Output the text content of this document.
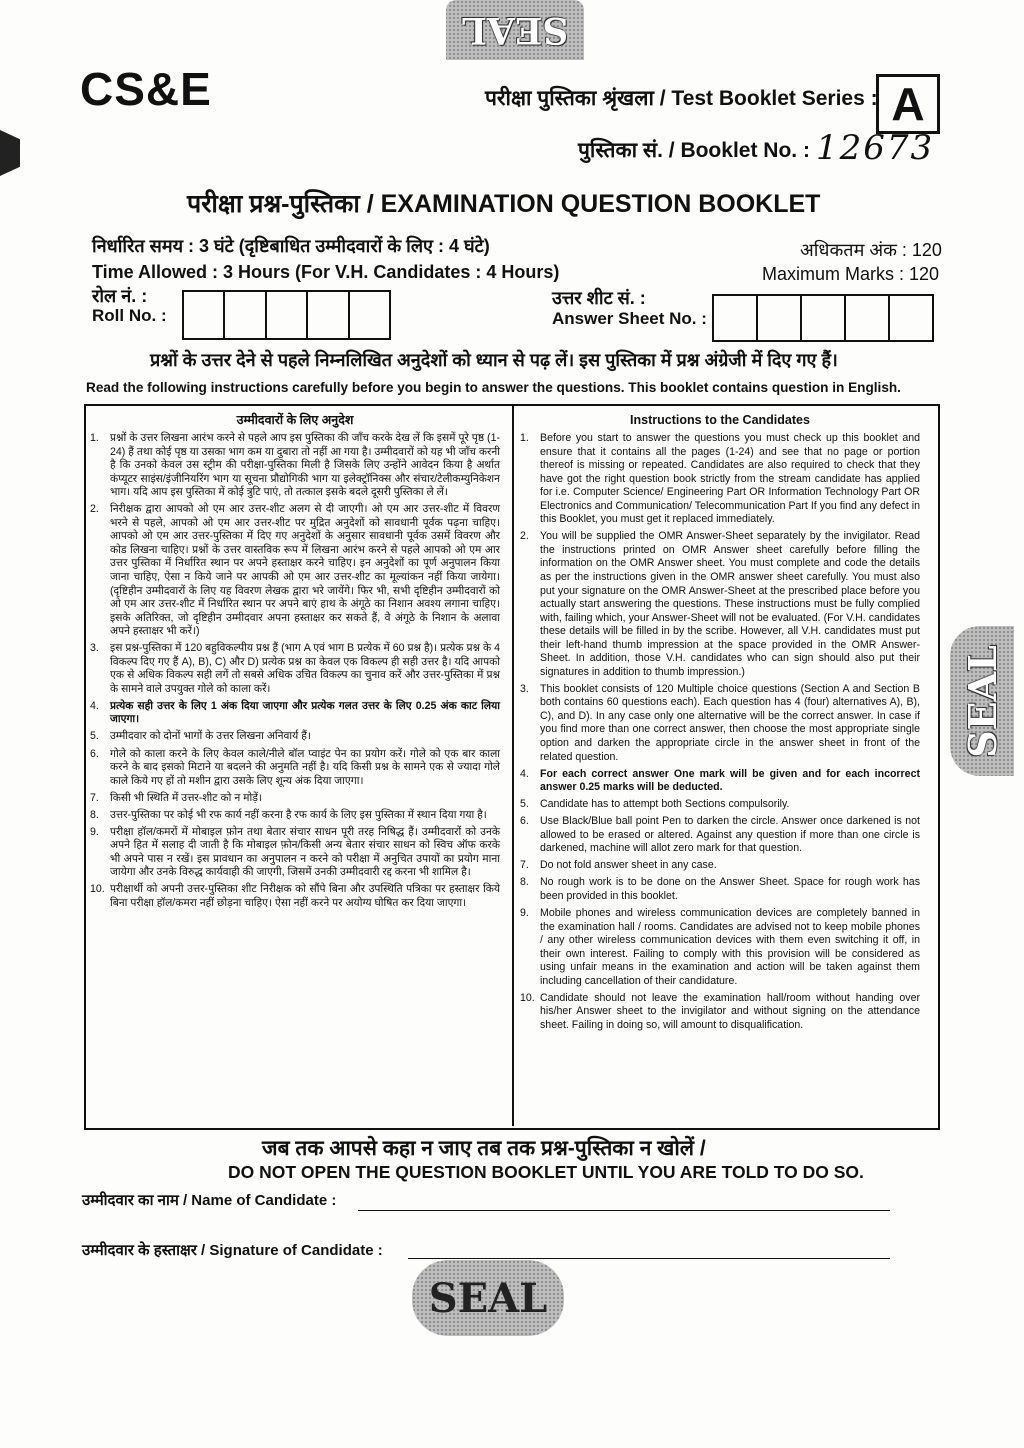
SEAL
CS&E	परीक्षा पुस्तिका श्रृंखला / Test Booklet Series : A
पुस्तिका सं. / Booklet No. : 12673
परीक्षा प्रश्न-पुस्तिका / EXAMINATION QUESTION BOOKLET
निर्धारित समय : 3 घंटे (दृष्टिबाधित उम्मीदवारों के लिए : 4 घंटे)
Time Allowed : 3 Hours (For V.H. Candidates : 4 Hours)
अधिकतम अंक : 120
Maximum Marks : 120
रोल नं. :
Roll No. :
उत्तर शीट सं. :
Answer Sheet No. :
प्रश्नों के उत्तर देने से पहले निम्नलिखित अनुदेशों को ध्यान से पढ़ लें। इस पुस्तिका में प्रश्न अंग्रेजी में दिए गए हैं।
Read the following instructions carefully before you begin to answer the questions. This booklet contains question in English.
उम्मीदवारों के लिए अनुदेश
1.	प्रश्नों के उत्तर लिखना आरंभ करने से पहले आप इस पुस्तिका की जाँच करके देख लें कि इसमें पूरे पृष्ठ (1-24) हैं तथा कोई पृष्ठ या उसका भाग कम या दुबारा तो नहीं आ गया है। उम्मीदवारों को यह भी जाँच करनी है कि उनको केवल उस स्ट्रीम की परीक्षा-पुस्तिका मिली है जिसके लिए उन्होंने आवेदन किया है अर्थात कंप्यूटर साइंस/इंजीनियरिंग भाग या सूचना प्रौद्योगिकी भाग या इलेक्ट्रॉनिक्स और संचार/टेलीकम्युनिकेशन भाग। यदि आप इस पुस्तिका में कोई त्रुटि पाएं, तो तत्काल इसके बदले दूसरी पुस्तिका ले लें।
2.	निरीक्षक द्वारा आपको ओ एम आर उत्तर-शीट अलग से दी जाएगी। ओ एम आर उत्तर-शीट में विवरण भरने से पहले, आपको ओ एम आर उत्तर-शीट पर मुद्रित अनुदेशों को सावधानी पूर्वक पढ़ना चाहिए। आपको ओ एम आर उत्तर-पुस्तिका में दिए गए अनुदेशों के अनुसार सावधानी पूर्वक उसमें विवरण और कोड लिखना चाहिए। प्रश्नों के उत्तर वास्तविक रूप में लिखना आरंभ करने से पहले आपको ओ एम आर उत्तर पुस्तिका में निर्धारित स्थान पर अपने हस्ताक्षर करने चाहिए। इन अनुदेशों का पूर्ण अनुपालन किया जाना चाहिए, ऐसा न किये जाने पर आपकी ओ एम आर उत्तर-शीट का मूल्यांकन नहीं किया जायेगा। (दृष्टिहीन उम्मीदवारों के लिए यह विवरण लेखक द्वारा भरे जायेंगे। फिर भी, सभी दृष्टिहीन उम्मीदवारों को ओ एम आर उत्तर-शीट में निर्धारित स्थान पर अपने बाएं हाथ के अंगूठे का निशान अवश्य लगाना चाहिए। इसके अतिरिक्त, जो दृष्टिहीन उम्मीदवार अपना हस्ताक्षर कर सकते हैं, वे अंगूठे के निशान के अलावा अपने हस्ताक्षर भी करें।)
3.	इस प्रश्न-पुस्तिका में 120 बहुविकल्पीय प्रश्न हैं (भाग A एवं भाग B प्रत्येक में 60 प्रश्न है)। प्रत्येक प्रश्न के 4 विकल्प दिए गए हैं A), B), C) और D) प्रत्येक प्रश्न का केवल एक विकल्प ही सही उत्तर है। यदि आपको एक से अधिक विकल्प सही लगें तो सबसे अधिक उचित विकल्प का चुनाव करें और उत्तर-पुस्तिका में प्रश्न के सामने वाले उपयुक्त गोले को काला करें।
4.	प्रत्येक सही उत्तर के लिए 1 अंक दिया जाएगा और प्रत्येक गलत उत्तर के लिए 0.25 अंक काट लिया जाएगा।
5.	उम्मीदवार को दोनों भागों के उत्तर लिखना अनिवार्य हैं।
6.	गोले को काला करने के लिए केवल काले/नीले बॉल प्वाइंट पेन का प्रयोग करें। गोले को एक बार काला करने के बाद इसको मिटाने या बदलने की अनुमति नहीं है। यदि किसी प्रश्न के सामने एक से ज्यादा गोले काले किये गए हों तो मशीन द्वारा उसके लिए शून्य अंक दिया जाएगा।
7.	किसी भी स्थिति में उत्तर-शीट को न मोड़ें।
8.	उत्तर-पुस्तिका पर कोई भी रफ कार्य नहीं करना है रफ कार्य के लिए इस पुस्तिका में स्थान दिया गया है।
9.	परीक्षा हॉल/कमरों में मोबाइल फ़ोन तथा बेतार संचार साधन पूरी तरह निषिद्ध हैं। उम्मीदवारों को उनके अपने हित में सलाह दी जाती है कि मोबाइल फ़ोन/किसी अन्य बेतार संचार साधन को स्विच ऑफ करके भी अपने पास न रखें। इस प्रावधान का अनुपालन न करने को परीक्षा में अनुचित उपायों का प्रयोग माना जायेगा और उनके विरुद्ध कार्यवाही की जाएगी, जिसमें उनकी उम्मीदवारी रद्द करना भी शामिल है।
10. परीक्षार्थी को अपनी उत्तर-पुस्तिका शीट निरीक्षक को सौंपे बिना और उपस्थिति पत्रिका पर हस्ताक्षर किये बिना परीक्षा हॉल/कमरा नहीं छोड़ना चाहिए। ऐसा नहीं करने पर अयोग्य घोषित कर दिया जाएगा।
Instructions to the Candidates
1.	Before you start to answer the questions you must check up this booklet and ensure that it contains all the pages (1-24) and see that no page or portion thereof is missing or repeated. Candidates are also required to check that they have got the right question book strictly from the stream candidate has applied for i.e. Computer Science/ Engineering Part OR Information Technology Part OR Electronics and Communication/ Telecommunication Part If you find any defect in this Booklet, you must get it replaced immediately.
2.	You will be supplied the OMR Answer-Sheet separately by the invigilator. Read the instructions printed on OMR Answer sheet carefully before filling the information on the OMR Answer sheet. You must complete and code the details as per the instructions given in the OMR answer sheet carefully. You must also put your signature on the OMR Answer-Sheet at the prescribed place before you actually start answering the questions. These instructions must be fully complied with, failing which, your Answer-Sheet will not be evaluated. (For V.H. candidates these details will be filled in by the scribe. However, all V.H. candidates must put their left-hand thumb impression at the space provided in the OMR Answer-Sheet. In addition, those V.H. candidates who can sign should also put their signatures in addition to thumb impression.)
3.	This booklet consists of 120 Multiple choice questions (Section A and Section B both contains 60 questions each). Each question has 4 (four) alternatives A), B), C), and D). In any case only one alternative will be the correct answer. In case if you find more than one correct answer, then choose the most appropriate single option and darken the appropriate circle in the answer sheet in front of the related question.
4.	For each correct answer One mark will be given and for each incorrect answer 0.25 marks will be deducted.
5.	Candidate has to attempt both Sections compulsorily.
6.	Use Black/Blue ball point Pen to darken the circle. Answer once darkened is not allowed to be erased or altered. Against any question if more than one circle is darkened, machine will allot zero mark for that question.
7.	Do not fold answer sheet in any case.
8.	No rough work is to be done on the Answer Sheet. Space for rough work has been provided in this booklet.
9.	Mobile phones and wireless communication devices are completely banned in the examination hall / rooms. Candidates are advised not to keep mobile phones / any other wireless communication devices with them even switching it off, in their own interest. Failing to comply with this provision will be considered as using unfair means in the examination and action will be taken against them including cancellation of their candidature.
10. Candidate should not leave the examination hall/room without handing over his/her Answer sheet to the invigilator and without signing on the attendance sheet. Failing in doing so, will amount to disqualification.
SEAL
जब तक आपसे कहा न जाए तब तक प्रश्न-पुस्तिका न खोलें /
DO NOT OPEN THE QUESTION BOOKLET UNTIL YOU ARE TOLD TO DO SO.
उम्मीदवार का नाम / Name of Candidate :
उम्मीदवार के हस्ताक्षर / Signature of Candidate :
SEAL
